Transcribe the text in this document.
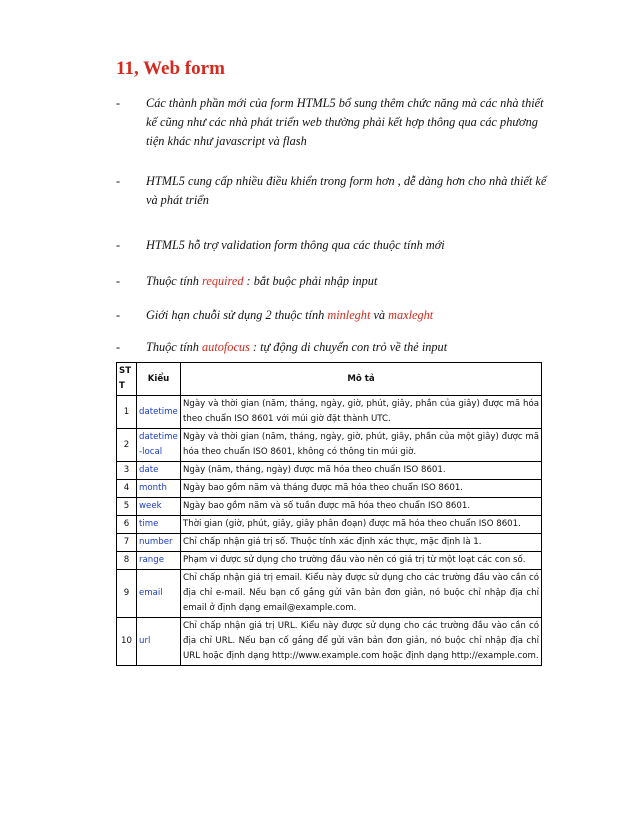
11, Web form
- Các thành phần mới của form HTML5 bổ sung thêm chức năng mà các nhà thiết kế cũng như các nhà phát triển web thường phải kết hợp thông qua các phương tiện khác như javascript và flash
- HTML5 cung cấp nhiều điều khiển trong form hơn , dễ dàng hơn cho nhà thiết kế và phát triển
- HTML5 hỗ trợ validation form thông qua các thuộc tính mới
- Thuộc tính required : bắt buộc phải nhập input
- Giới hạn chuỗi sử dụng 2 thuộc tính minleght và maxleght
- Thuộc tính autofocus : tự động di chuyển con trỏ về thẻ input
STT	Kiểu	Mô tả
1	datetime	Ngày và thời gian (năm, tháng, ngày, giờ, phút, giây, phần của giây) được mã hóa theo chuẩn ISO 8601 với múi giờ đặt thành UTC.
2	datetime-local	Ngày và thời gian (năm, tháng, ngày, giờ, phút, giây, phần của một giây) được mã hóa theo chuẩn ISO 8601, không có thông tin múi giờ.
3	date	Ngày (năm, tháng, ngày) được mã hóa theo chuẩn ISO 8601.
4	month	Ngày bao gồm năm và tháng được mã hóa theo chuẩn ISO 8601.
5	week	Ngày bao gồm năm và số tuần được mã hóa theo chuẩn ISO 8601.
6	time	Thời gian (giờ, phút, giây, giây phân đoạn) được mã hóa theo chuẩn ISO 8601.
7	number	Chỉ chấp nhận giá trị số. Thuộc tính xác định xác thực, mặc định là 1.
8	range	Phạm vi được sử dụng cho trường đầu vào nên có giá trị từ một loạt các con số.
9	email	Chỉ chấp nhận giá trị email. Kiểu này được sử dụng cho các trường đầu vào cần có địa chỉ e-mail. Nếu bạn cố gắng gửi văn bản đơn giản, nó buộc chỉ nhập địa chỉ email ở định dạng email@example.com.
10	url	Chỉ chấp nhận giá trị URL. Kiểu này được sử dụng cho các trường đầu vào cần có địa chỉ URL. Nếu bạn cố gắng để gửi văn bản đơn giản, nó buộc chỉ nhập địa chỉ URL hoặc định dạng http://www.example.com hoặc định dạng http://example.com.
